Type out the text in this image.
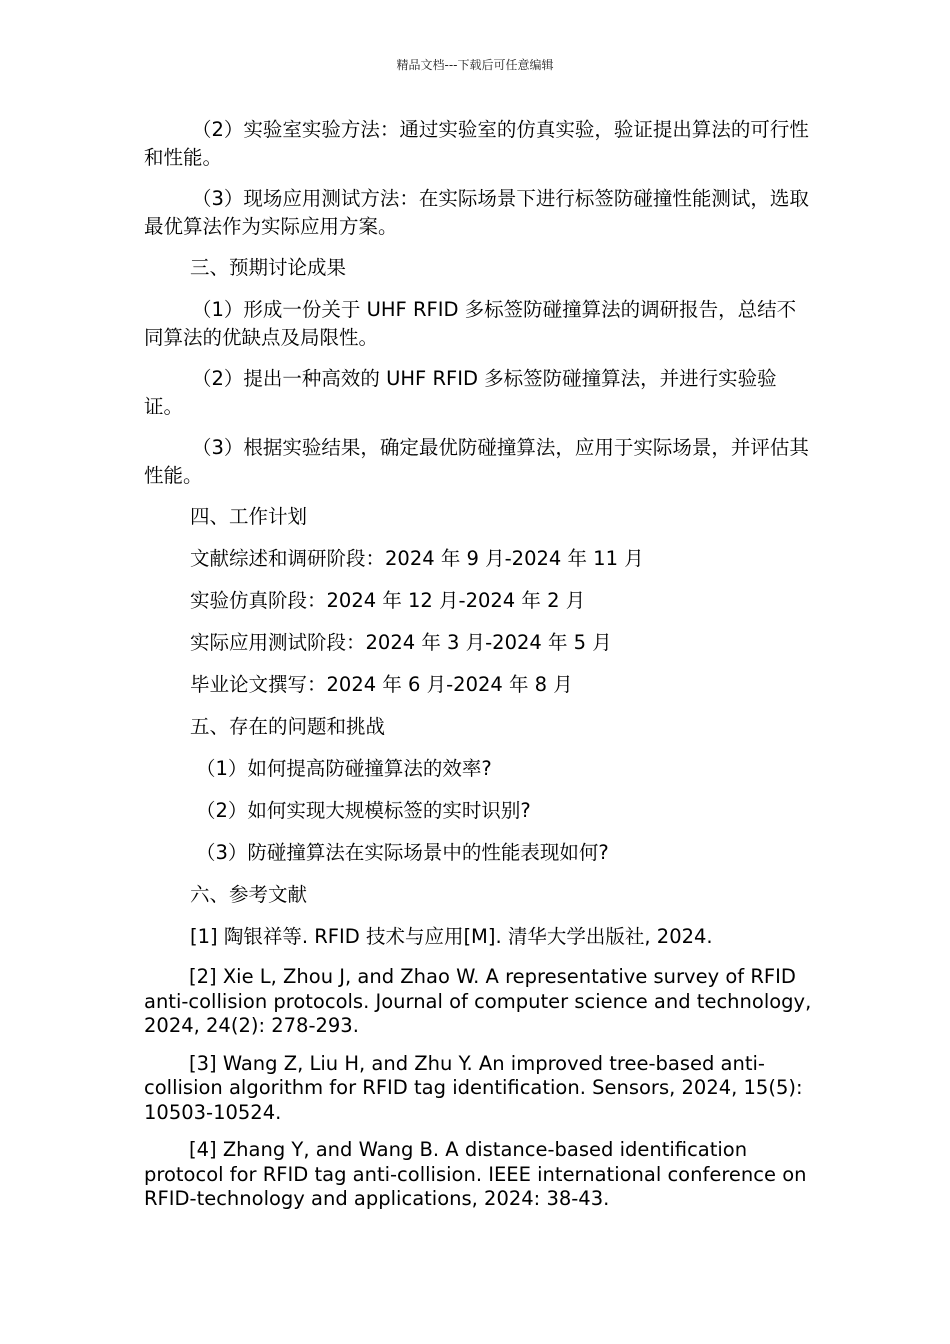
精品文档---下载后可任意编辑

（2）实验室实验方法：通过实验室的仿真实验，验证提出算法的可行性和性能。

（3）现场应用测试方法：在实际场景下进行标签防碰撞性能测试，选取最优算法作为实际应用方案。

三、预期讨论成果

（1）形成一份关于 UHF RFID 多标签防碰撞算法的调研报告，总结不同算法的优缺点及局限性。

（2）提出一种高效的 UHF RFID 多标签防碰撞算法，并进行实验验证。

（3）根据实验结果，确定最优防碰撞算法，应用于实际场景，并评估其性能。

四、工作计划

文献综述和调研阶段：2024 年 9 月-2024 年 11 月

实验仿真阶段：2024 年 12 月-2024 年 2 月

实际应用测试阶段：2024 年 3 月-2024 年 5 月

毕业论文撰写：2024 年 6 月-2024 年 8 月

五、存在的问题和挑战

（1）如何提高防碰撞算法的效率?

（2）如何实现大规模标签的实时识别?

（3）防碰撞算法在实际场景中的性能表现如何?

六、参考文献

[1] 陶银祥等. RFID 技术与应用[M]. 清华大学出版社, 2024.

[2] Xie L, Zhou J, and Zhao W. A representative survey of RFID anti-collision protocols. Journal of computer science and technology, 2024, 24(2): 278-293.

[3] Wang Z, Liu H, and Zhu Y. An improved tree-based anti-collision algorithm for RFID tag identification. Sensors, 2024, 15(5): 10503-10524.

[4] Zhang Y, and Wang B. A distance-based identification protocol for RFID tag anti-collision. IEEE international conference on RFID-technology and applications, 2024: 38-43.
